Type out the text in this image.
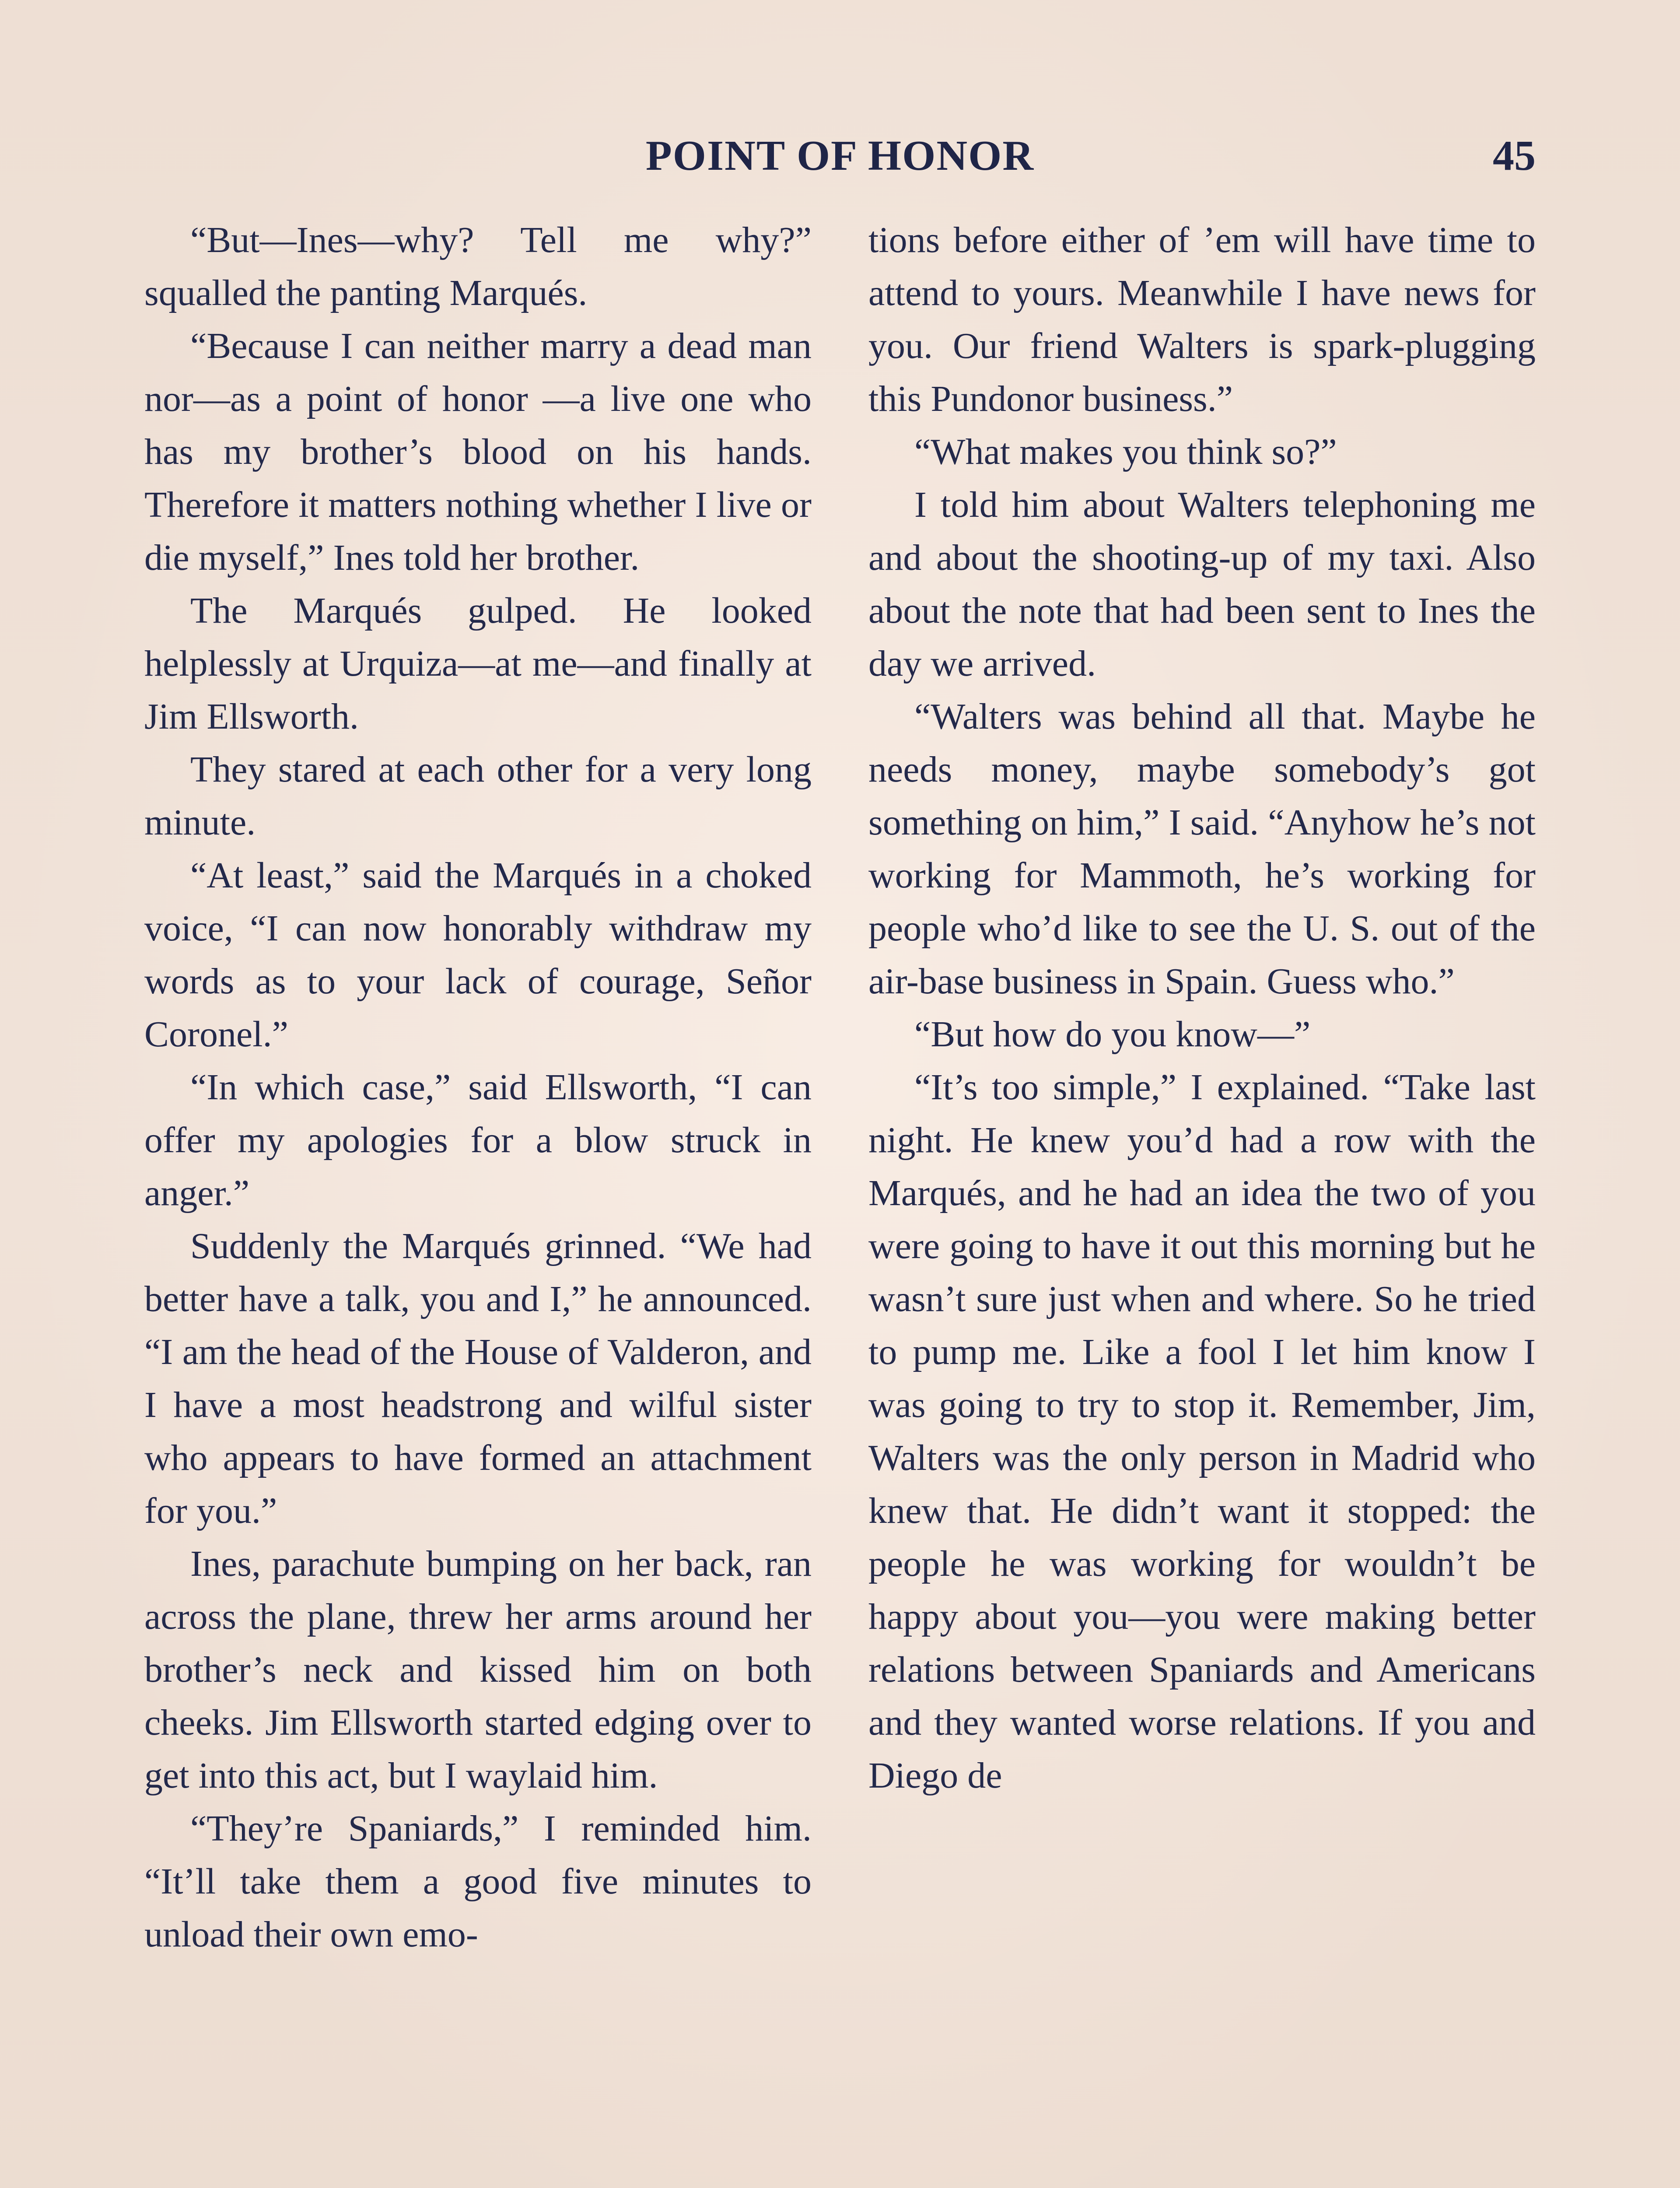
POINT OF HONOR	45

“But—Ines—why? Tell me why?” squalled the panting Marqués.

“Because I can neither marry a dead man nor—as a point of honor —a live one who has my brother’s blood on his hands. Therefore it matters nothing whether I live or die myself,” Ines told her brother.

The Marqués gulped. He looked helplessly at Urquiza—at me—and finally at Jim Ellsworth.

They stared at each other for a very long minute.

“At least,” said the Marqués in a choked voice, “I can now honorably withdraw my words as to your lack of courage, Señor Coronel.”

“In which case,” said Ellsworth, “I can offer my apologies for a blow struck in anger.”

Suddenly the Marqués grinned. “We had better have a talk, you and I,” he announced. “I am the head of the House of Valderon, and I have a most headstrong and wilful sister who appears to have formed an attachment for you.”

Ines, parachute bumping on her back, ran across the plane, threw her arms around her brother’s neck and kissed him on both cheeks. Jim Ellsworth started edging over to get into this act, but I waylaid him.

“They’re Spaniards,” I reminded him. “It’ll take them a good five minutes to unload their own emo-

tions before either of ’em will have time to attend to yours. Meanwhile I have news for you. Our friend Walters is spark-plugging this Pundonor business.”

“What makes you think so?”

I told him about Walters telephoning me and about the shooting-up of my taxi. Also about the note that had been sent to Ines the day we arrived.

“Walters was behind all that. Maybe he needs money, maybe somebody’s got something on him,” I said. “Anyhow he’s not working for Mammoth, he’s working for people who’d like to see the U. S. out of the air-base business in Spain. Guess who.”

“But how do you know—”

“It’s too simple,” I explained. “Take last night. He knew you’d had a row with the Marqués, and he had an idea the two of you were going to have it out this morning but he wasn’t sure just when and where. So he tried to pump me. Like a fool I let him know I was going to try to stop it. Remember, Jim, Walters was the only person in Madrid who knew that. He didn’t want it stopped: the people he was working for wouldn’t be happy about you—you were making better relations between Spaniards and Americans and they wanted worse relations. If you and Diego de
